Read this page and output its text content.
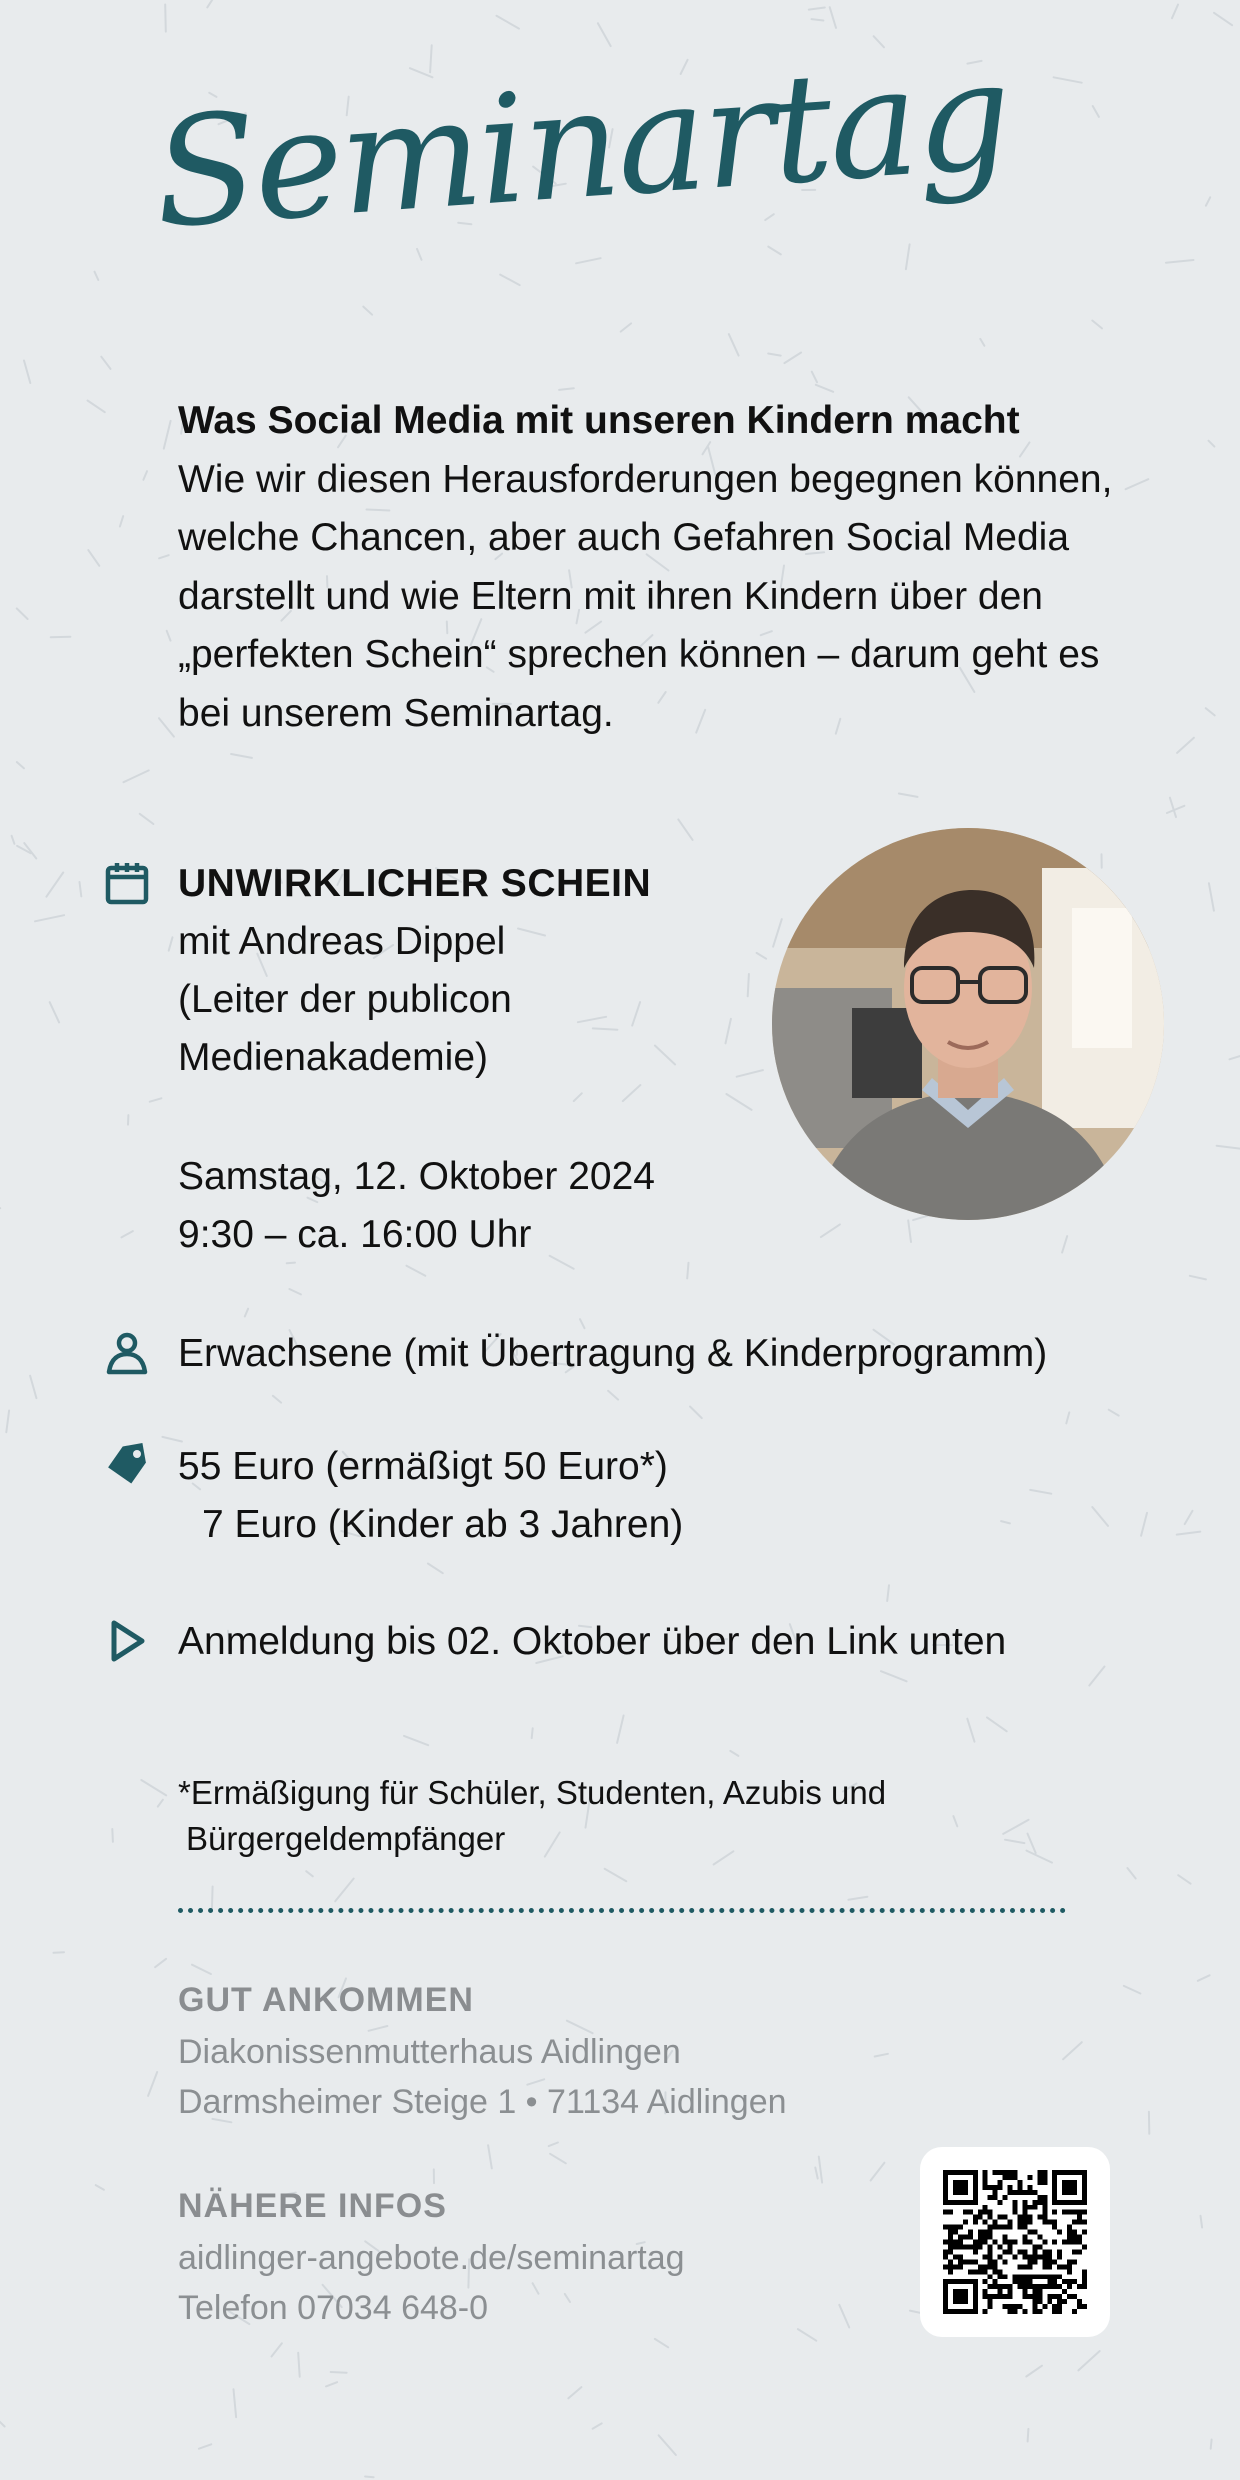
Seminartag
Was Social Media mit unseren Kindern macht
Wie wir diesen Herausforderungen begegnen können, welche Chancen, aber auch Gefahren Social Media darstellt und wie Eltern mit ihren Kindern über den „perfekten Schein“ sprechen können – darum geht es bei unserem Seminartag.
UNWIRKLICHER SCHEIN
mit Andreas Dippel
(Leiter der publicon
Medienakademie)
Samstag, 12. Oktober 2024
9:30 – ca. 16:00 Uhr
Erwachsene (mit Übertragung & Kinderprogramm)
55 Euro (ermäßigt 50 Euro*)
7 Euro (Kinder ab 3 Jahren)
Anmeldung bis 02. Oktober über den Link unten
*Ermäßigung für Schüler, Studenten, Azubis und
Bürgergeldempfänger
GUT ANKOMMEN
Diakonissenmutterhaus Aidlingen
Darmsheimer Steige 1 • 71134 Aidlingen
NÄHERE INFOS
aidlinger-angebote.de/seminartag
Telefon 07034 648-0
